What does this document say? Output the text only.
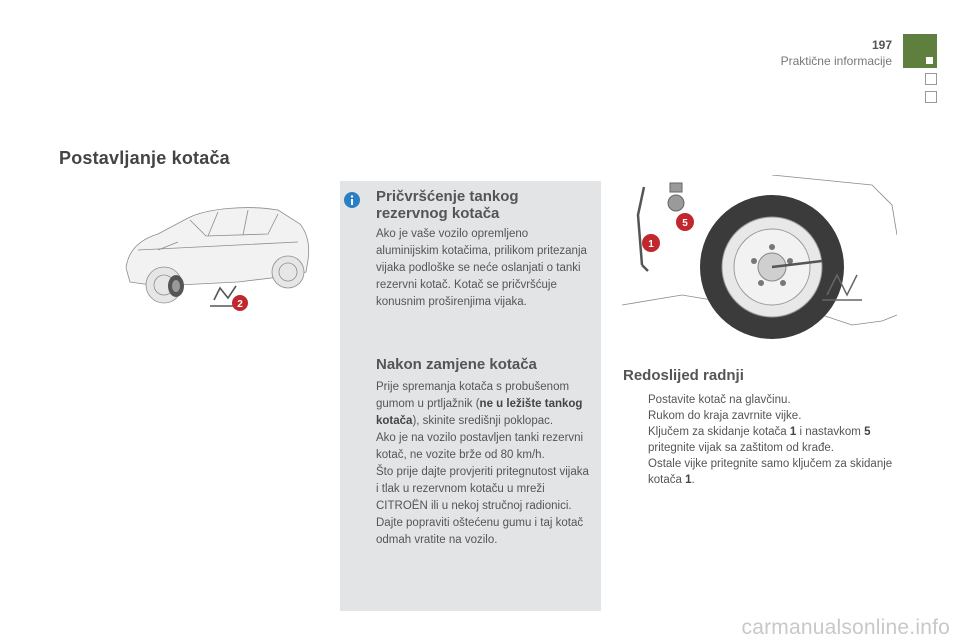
197
Praktične informacije
Postavljanje kotača
2
Pričvršćenje tankog rezervnog kotača
Ako je vaše vozilo opremljeno aluminijskim kotačima, prilikom pritezanja vijaka podloške se neće oslanjati o tanki rezervni kotač. Kotač se pričvršćuje konusnim proširenjima vijaka.
Nakon zamjene kotača
Prije spremanja kotača s probušenom gumom u prtljažnik (ne u ležište tankog kotača), skinite središnji poklopac.
Ako je na vozilo postavljen tanki rezervni kotač, ne vozite brže od 80 km/h.
Što prije dajte provjeriti pritegnutost vijaka i tlak u rezervnom kotaču u mreži CITROËN ili u nekoj stručnoj radionici.
Dajte popraviti oštećenu gumu i taj kotač odmah vratite na vozilo.
5
1
Redoslijed radnji
Postavite kotač na glavčinu.
Rukom do kraja zavrnite vijke.
Ključem za skidanje kotača 1 i nastavkom 5 pritegnite vijak sa zaštitom od krađe.
Ostale vijke pritegnite samo ključem za skidanje kotača 1.
carmanualsonline.info
